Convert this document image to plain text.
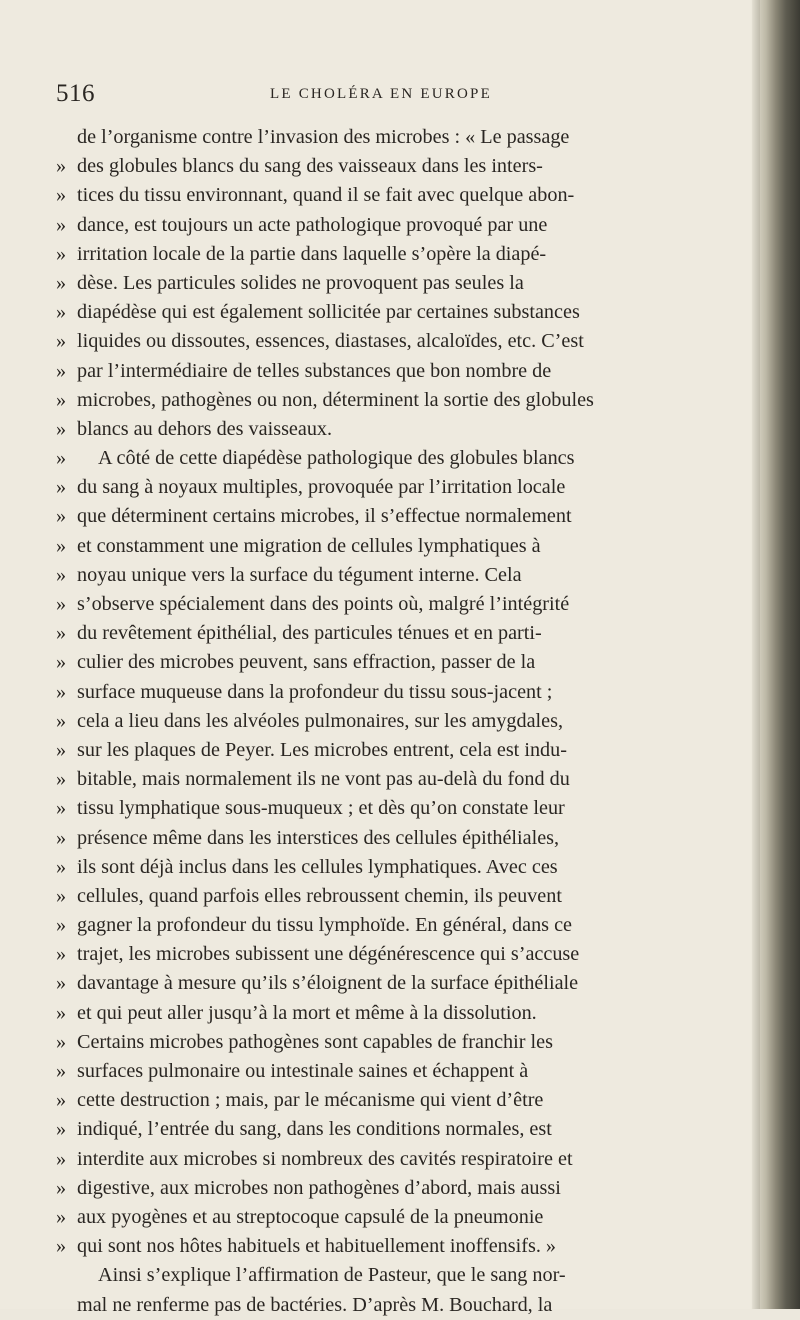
516	LE CHOLÉRA EN EUROPE
de l’organisme contre l’invasion des microbes : « Le passage
» des globules blancs du sang des vaisseaux dans les inters-
» tices du tissu environnant, quand il se fait avec quelque abon-
» dance, est toujours un acte pathologique provoqué par une
» irritation locale de la partie dans laquelle s’opère la diapé-
» dèse. Les particules solides ne provoquent pas seules la
» diapédèse qui est également sollicitée par certaines substances
» liquides ou dissoutes, essences, diastases, alcaloïdes, etc. C’est
» par l’intermédiaire de telles substances que bon nombre de
» microbes, pathogènes ou non, déterminent la sortie des globules
» blancs au dehors des vaisseaux.
» A côté de cette diapédèse pathologique des globules blancs
» du sang à noyaux multiples, provoquée par l’irritation locale
» que déterminent certains microbes, il s’effectue normalement
» et constamment une migration de cellules lymphatiques à
» noyau unique vers la surface du tégument interne. Cela
» s’observe spécialement dans des points où, malgré l’intégrité
» du revêtement épithélial, des particules ténues et en parti-
» culier des microbes peuvent, sans effraction, passer de la
» surface muqueuse dans la profondeur du tissu sous-jacent ;
» cela a lieu dans les alvéoles pulmonaires, sur les amygdales,
» sur les plaques de Peyer. Les microbes entrent, cela est indu-
» bitable, mais normalement ils ne vont pas au-delà du fond du
» tissu lymphatique sous-muqueux ; et dès qu’on constate leur
» présence même dans les interstices des cellules épithéliales,
» ils sont déjà inclus dans les cellules lymphatiques. Avec ces
» cellules, quand parfois elles rebroussent chemin, ils peuvent
» gagner la profondeur du tissu lymphoïde. En général, dans ce
» trajet, les microbes subissent une dégénérescence qui s’accuse
» davantage à mesure qu’ils s’éloignent de la surface épithéliale
» et qui peut aller jusqu’à la mort et même à la dissolution.
» Certains microbes pathogènes sont capables de franchir les
» surfaces pulmonaire ou intestinale saines et échappent à
» cette destruction ; mais, par le mécanisme qui vient d’être
» indiqué, l’entrée du sang, dans les conditions normales, est
» interdite aux microbes si nombreux des cavités respiratoire et
» digestive, aux microbes non pathogènes d’abord, mais aussi
» aux pyogènes et au streptocoque capsulé de la pneumonie
» qui sont nos hôtes habituels et habituellement inoffensifs. »
Ainsi s’explique l’affirmation de Pasteur, que le sang nor-
mal ne renferme pas de bactéries. D’après M. Bouchard, la
